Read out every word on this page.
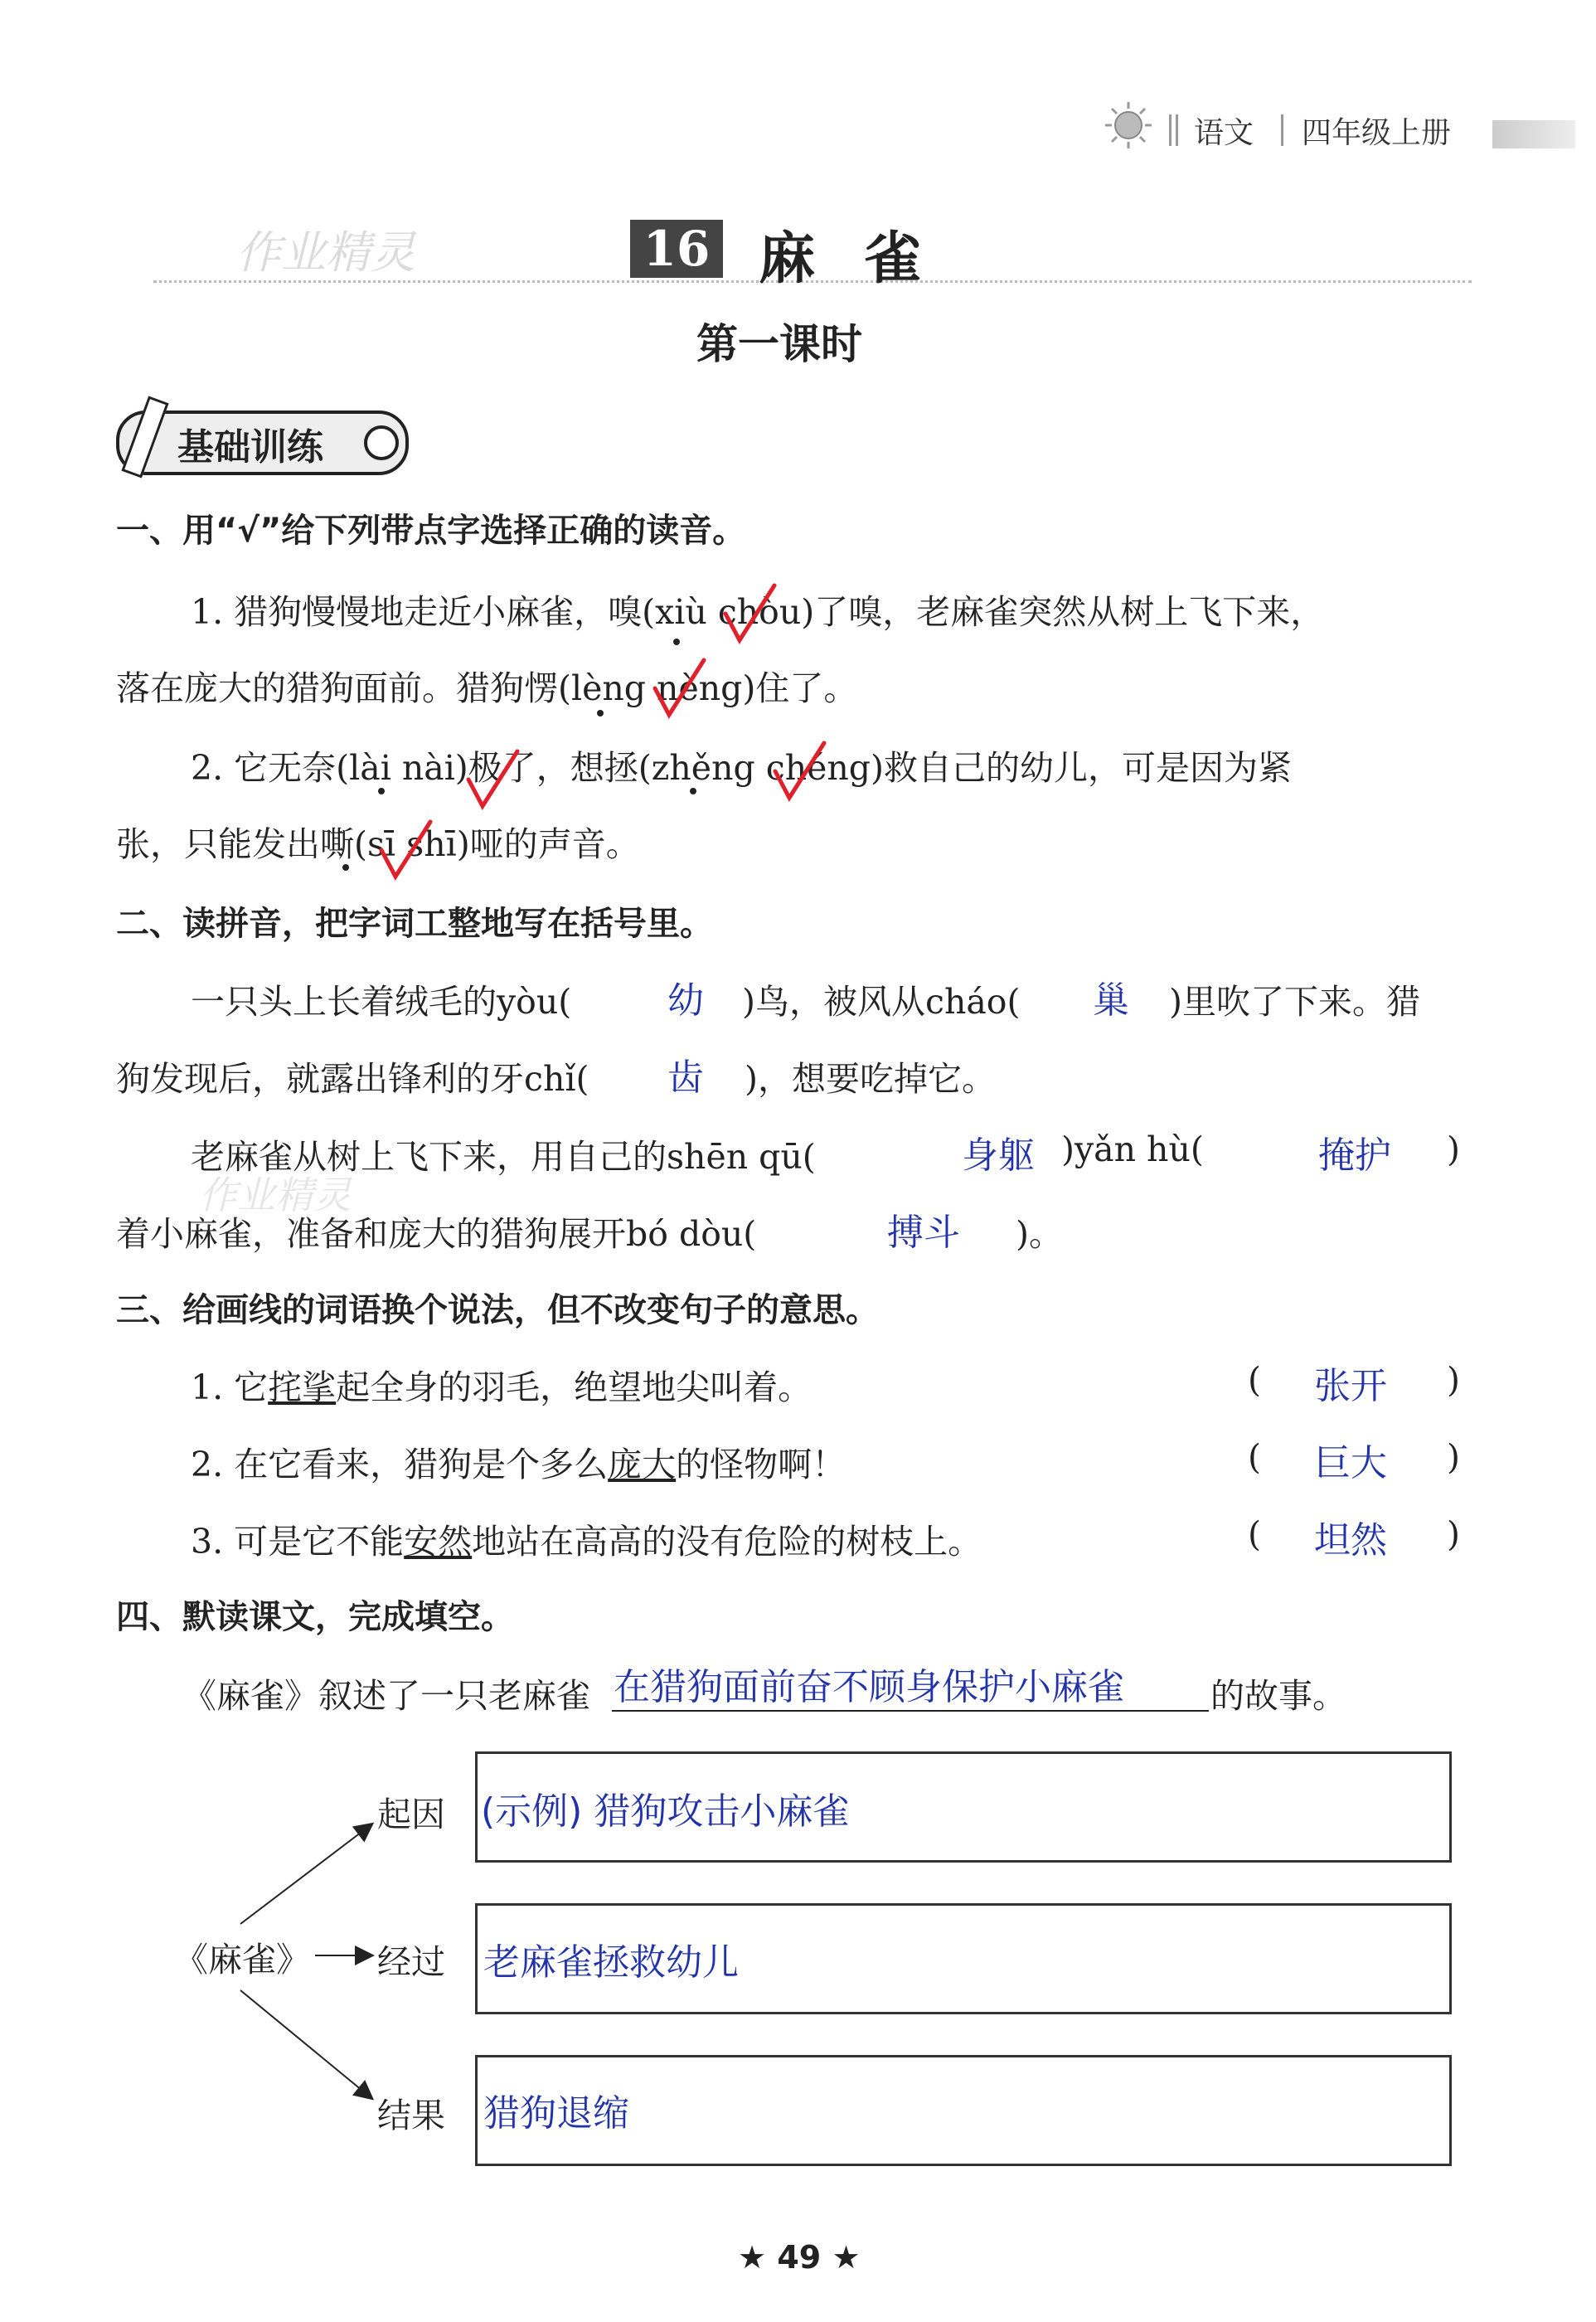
语文 四年级上册
作业精灵	16 麻雀
第一课时
基础训练
一、用“√”给下列带点字选择正确的读音。
1. 猎狗慢慢地走近小麻雀，嗅(xiù chòu)了嗅，老麻雀突然从树上飞下来，
落在庞大的猎狗面前。猎狗愣(lèng nèng)住了。
2. 它无奈(lài nài)极了，想拯(zhěng chéng)救自己的幼儿，可是因为紧
张，只能发出嘶(sī shī)哑的声音。
二、读拼音，把字词工整地写在括号里。
一只头上长着绒毛的yòu(	幼 )鸟，被风从cháo( 巢 )里吹了下来。猎
狗发现后，就露出锋利的牙chǐ( 齿 )，想要吃掉它。
老麻雀从树上飞下来，用自己的shēn qū(	身躯 )yǎn hù(	掩护 )
着小麻雀，准备和庞大的猎狗展开bó dòu(	搏斗 )。
作业精灵
三、给画线的词语换个说法，但不改变句子的意思。
1. 它挓挲起全身的羽毛，绝望地尖叫着。	( 张开 )
2. 在它看来，猎狗是个多么庞大的怪物啊！	( 巨大 )
3. 可是它不能安然地站在高高的没有危险的树枝上。	( 坦然 )
四、默读课文，完成填空。
《麻雀》叙述了一只老麻雀 在猎狗面前奋不顾身保护小麻雀	的故事。
《麻雀》
起因 (示例) 猎狗攻击小麻雀
经过 老麻雀拯救幼儿
结果 猎狗退缩
★ 49 ★
